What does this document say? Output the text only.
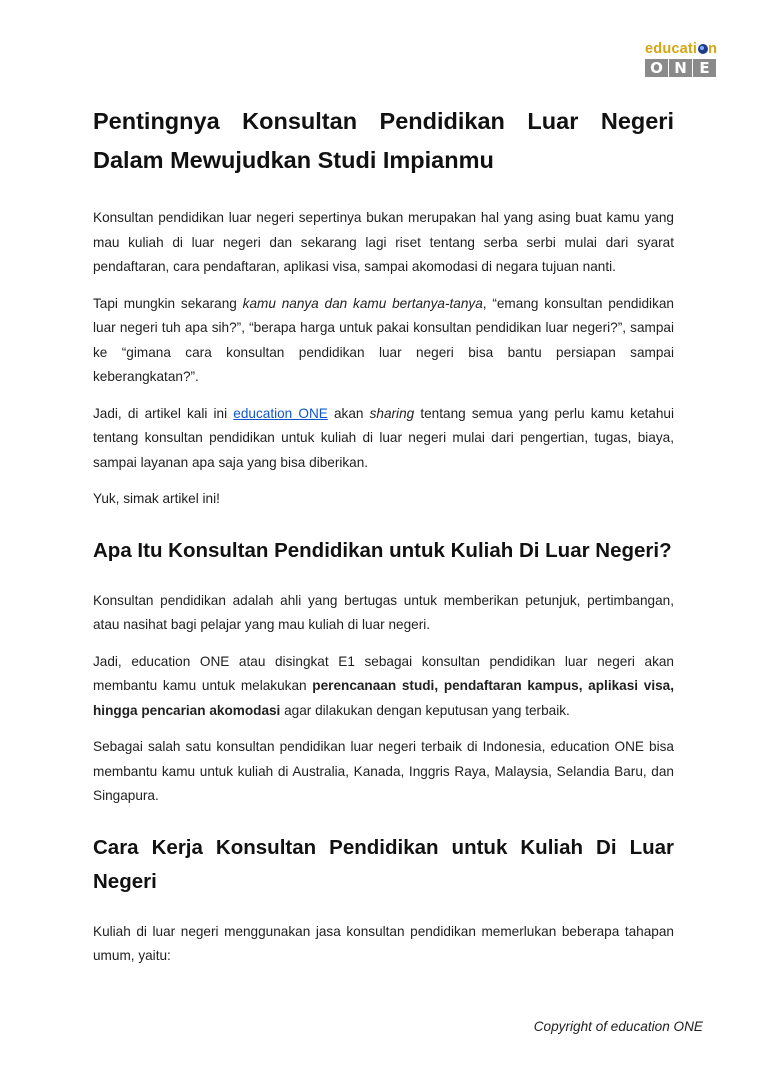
educati n
O N E
Pentingnya Konsultan Pendidikan Luar Negeri Dalam Mewujudkan Studi Impianmu

Konsultan pendidikan luar negeri sepertinya bukan merupakan hal yang asing buat kamu yang mau kuliah di luar negeri dan sekarang lagi riset tentang serba serbi mulai dari syarat pendaftaran, cara pendaftaran, aplikasi visa, sampai akomodasi di negara tujuan nanti.

Tapi mungkin sekarang kamu nanya dan kamu bertanya-tanya, “emang konsultan pendidikan luar negeri tuh apa sih?”, “berapa harga untuk pakai konsultan pendidikan luar negeri?”, sampai ke “gimana cara konsultan pendidikan luar negeri bisa bantu persiapan sampai keberangkatan?”.

Jadi, di artikel kali ini education ONE akan sharing tentang semua yang perlu kamu ketahui tentang konsultan pendidikan untuk kuliah di luar negeri mulai dari pengertian, tugas, biaya, sampai layanan apa saja yang bisa diberikan.

Yuk, simak artikel ini!

Apa Itu Konsultan Pendidikan untuk Kuliah Di Luar Negeri?

Konsultan pendidikan adalah ahli yang bertugas untuk memberikan petunjuk, pertimbangan, atau nasihat bagi pelajar yang mau kuliah di luar negeri.

Jadi, education ONE atau disingkat E1 sebagai konsultan pendidikan luar negeri akan membantu kamu untuk melakukan perencanaan studi, pendaftaran kampus, aplikasi visa, hingga pencarian akomodasi agar dilakukan dengan keputusan yang terbaik.

Sebagai salah satu konsultan pendidikan luar negeri terbaik di Indonesia, education ONE bisa membantu kamu untuk kuliah di Australia, Kanada, Inggris Raya, Malaysia, Selandia Baru, dan Singapura.

Cara Kerja Konsultan Pendidikan untuk Kuliah Di Luar Negeri

Kuliah di luar negeri menggunakan jasa konsultan pendidikan memerlukan beberapa tahapan umum, yaitu:

Copyright of education ONE
